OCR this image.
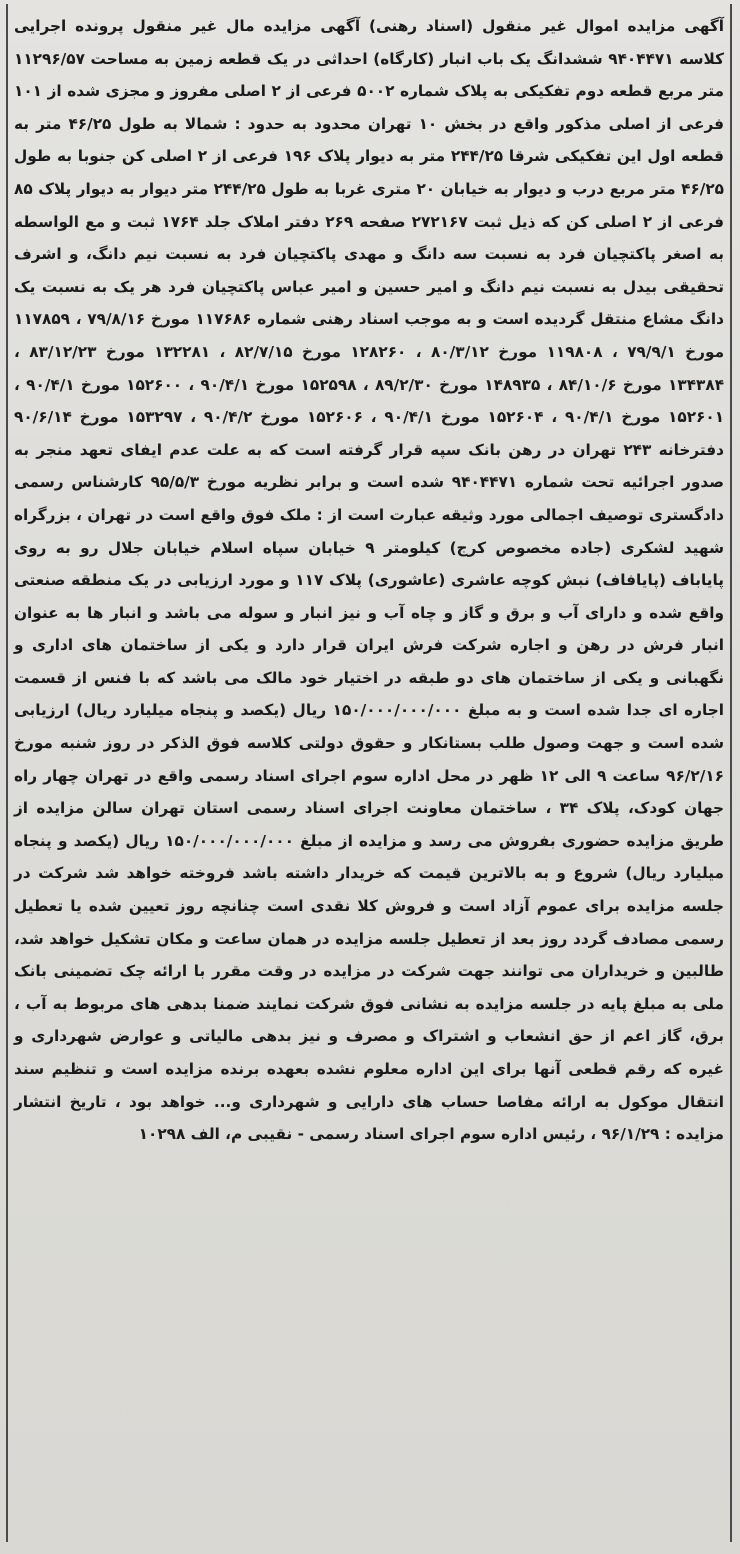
آگهی مزایده اموال غیر منقول (اسناد رهنی) آگهی مزایده مال غیر منقول پرونده اجرایی کلاسه ۹۴۰۴۴۷۱ ششدانگ یک باب انبار (کارگاه) احداثی در یک قطعه زمین به مساحت ۱۱۲۹۶/۵۷ متر مربع قطعه دوم تفکیکی به پلاک شماره ۵۰۰۲ فرعی از ۲ اصلی مفروز و مجزی شده از ۱۰۱ فرعی از اصلی مذکور واقع در بخش ۱۰ تهران محدود به حدود : شمالا به طول ۴۶/۲۵ متر به قطعه اول این تفکیکی شرقا ۲۴۴/۲۵ متر به دیوار پلاک ۱۹۶ فرعی از ۲ اصلی کن جنوبا به طول ۴۶/۲۵ متر مربع درب و دیوار به خیابان ۲۰ متری غربا به طول ۲۴۴/۲۵ متر دیوار به دیوار پلاک ۸۵ فرعی از ۲ اصلی کن که ذیل ثبت ۲۷۲۱۶۷ صفحه ۲۶۹ دفتر املاک جلد ۱۷۶۴ ثبت و مع الواسطه به اصغر پاکتچیان فرد به نسبت سه دانگ و مهدی پاکتچیان فرد به نسبت نیم دانگ، و اشرف تحقیقی بیدل به نسبت نیم دانگ و امیر حسین و امیر عباس پاکتچیان فرد هر یک به نسبت یک دانگ مشاع منتقل گردیده است و به موجب اسناد رهنی شماره ۱۱۷۶۸۶ مورخ ۷۹/۸/۱۶ ، ۱۱۷۸۵۹ مورخ ۷۹/۹/۱ ، ۱۱۹۸۰۸ مورخ ۸۰/۳/۱۲ ، ۱۲۸۲۶۰ مورخ ۸۲/۷/۱۵ ، ۱۳۲۲۸۱ مورخ ۸۳/۱۲/۲۳ ، ۱۳۴۳۸۴ مورخ ۸۴/۱۰/۶ ، ۱۴۸۹۳۵ مورخ ۸۹/۲/۳۰ ، ۱۵۲۵۹۸ مورخ ۹۰/۴/۱ ، ۱۵۲۶۰۰ مورخ ۹۰/۴/۱ ، ۱۵۲۶۰۱ مورخ ۹۰/۴/۱ ، ۱۵۲۶۰۴ مورخ ۹۰/۴/۱ ، ۱۵۲۶۰۶ مورخ ۹۰/۴/۲ ، ۱۵۳۲۹۷ مورخ ۹۰/۶/۱۴ دفترخانه ۲۴۳ تهران در رهن بانک سپه قرار گرفته است که به علت عدم ایفای تعهد منجر به صدور اجرائیه تحت شماره ۹۴۰۴۴۷۱ شده است و برابر نظریه مورخ ۹۵/۵/۳ کارشناس رسمی دادگستری توصیف اجمالی مورد وثیقه عبارت است از : ملک فوق واقع است در تهران ، بزرگراه شهید لشکری (جاده مخصوص کرج) کیلومتر ۹ خیابان سپاه اسلام خیابان جلال رو به روی پایاباف (پایافاف) نبش کوچه عاشری (عاشوری) پلاک ۱۱۷ و مورد ارزیابی در یک منطقه صنعتی واقع شده و دارای آب و برق و گاز و چاه آب و نیز انبار و سوله می باشد و انبار ها به عنوان انبار فرش در رهن و اجاره شرکت فرش ایران قرار دارد و یکی از ساختمان های اداری و نگهبانی و یکی از ساختمان های دو طبقه در اختیار خود مالک می باشد که با فنس از قسمت اجاره ای جدا شده است و به مبلغ ۱۵۰/۰۰۰/۰۰۰/۰۰۰ ریال (یکصد و پنجاه میلیارد ریال) ارزیابی شده است و جهت وصول طلب بستانکار و حقوق دولتی کلاسه فوق الذکر در روز شنبه مورخ ۹۶/۲/۱۶ ساعت ۹ الی ۱۲ ظهر در محل اداره سوم اجرای اسناد رسمی واقع در تهران چهار راه جهان کودک، پلاک ۳۴ ، ساختمان معاونت اجرای اسناد رسمی استان تهران سالن مزایده از طریق مزایده حضوری بفروش می رسد و مزایده از مبلغ ۱۵۰/۰۰۰/۰۰۰/۰۰۰ ریال (یکصد و پنجاه میلیارد ریال) شروع و به بالاترین قیمت که خریدار داشته باشد فروخته خواهد شد شرکت در جلسه مزایده برای عموم آزاد است و فروش کلا نقدی است چنانچه روز تعیین شده یا تعطیل رسمی مصادف گردد روز بعد از تعطیل جلسه مزایده در همان ساعت و مکان تشکیل خواهد شد، طالبین و خریداران می توانند جهت شرکت در مزایده در وقت مقرر با ارائه چک تضمینی بانک ملی به مبلغ پایه در جلسه مزایده به نشانی فوق شرکت نمایند ضمنا بدهی های مربوط به آب ، برق، گاز اعم از حق انشعاب و اشتراک و مصرف و نیز بدهی مالیاتی و عوارض شهرداری و غیره که رقم قطعی آنها برای این اداره معلوم نشده بعهده برنده مزایده است و تنظیم سند انتقال موکول به ارائه مفاصا حساب های دارایی و شهرداری و... خواهد بود ، تاریخ انتشار مزایده : ۹۶/۱/۲۹ ، رئیس اداره سوم اجرای اسناد رسمی - نقیبی م، الف ۱۰۲۹۸
